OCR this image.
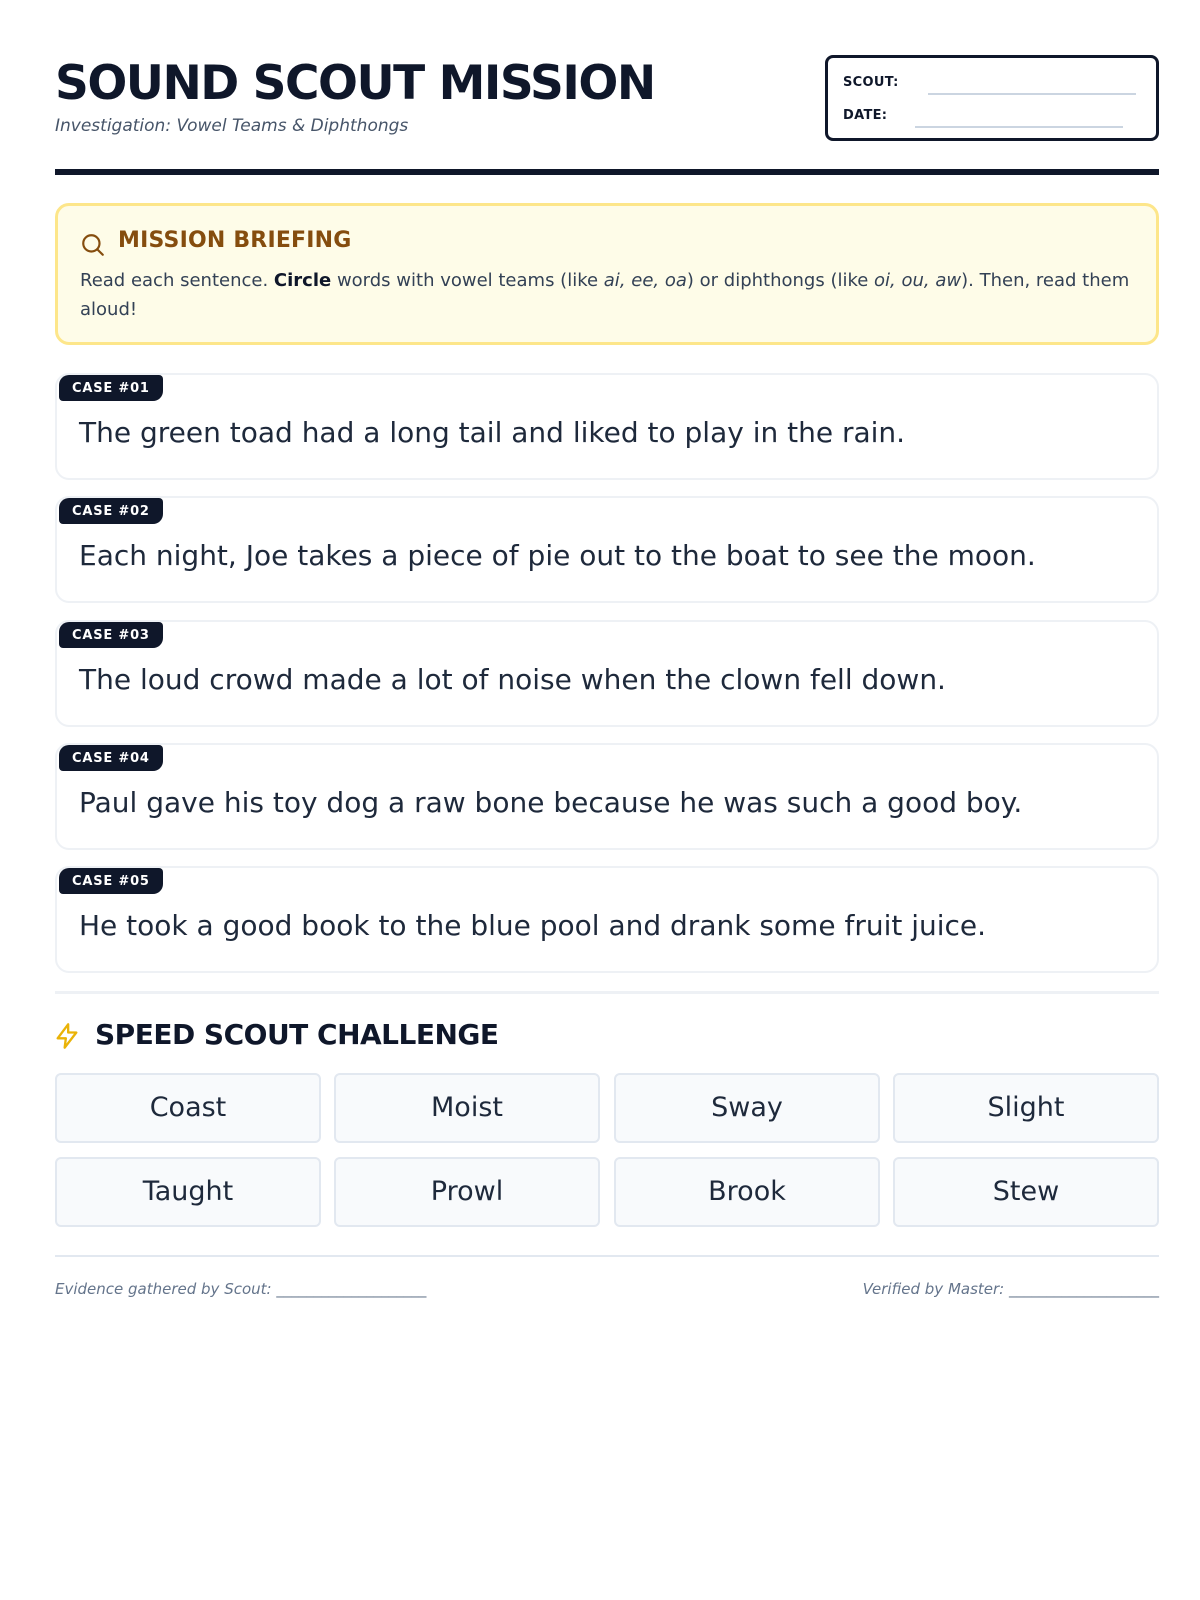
SOUND SCOUT MISSION
Investigation: Vowel Teams & Diphthongs
SCOUT:
DATE:
MISSION BRIEFING
Read each sentence. Circle words with vowel teams (like ai, ee, oa) or diphthongs (like oi, ou, aw). Then, read them aloud!
CASE #01
The green toad had a long tail and liked to play in the rain.
CASE #02
Each night, Joe takes a piece of pie out to the boat to see the moon.
CASE #03
The loud crowd made a lot of noise when the clown fell down.
CASE #04
Paul gave his toy dog a raw bone because he was such a good boy.
CASE #05
He took a good book to the blue pool and drank some fruit juice.
SPEED SCOUT CHALLENGE
Coast	Moist	Sway	Slight
Taught	Prowl	Brook	Stew
Evidence gathered by Scout: ____________________	Verified by Master: ____________________
